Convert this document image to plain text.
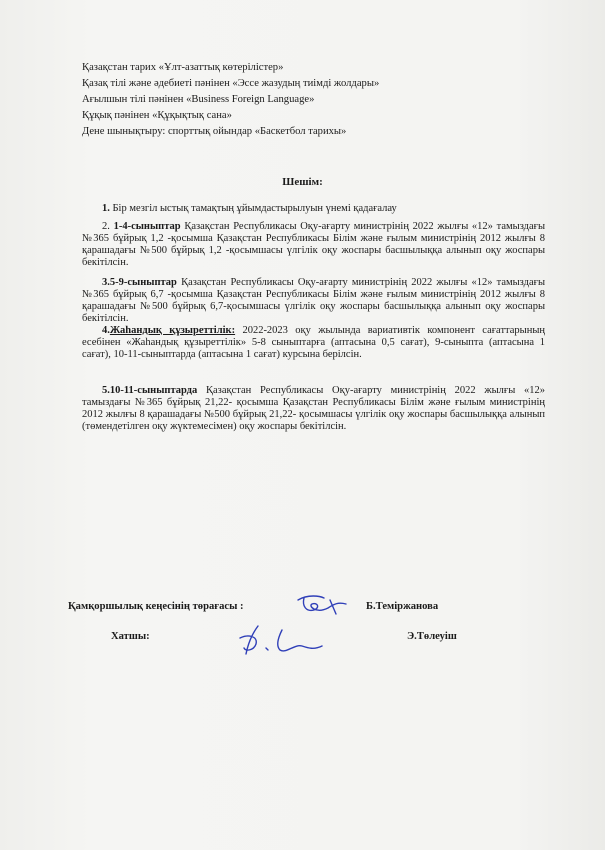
Қазақстан тарих «Ұлт-азаттық көтерілістер»
Қазақ тілі және әдебиеті пәнінен «Эссе жазудың тиімді жолдары»
Ағылшын тілі пәнінен «Business Foreign Language»
Құқық пәнінен «Құқықтық сана»
Дене шынықтыру: спорттық ойындар «Баскетбол тарихы»
Шешім:
1. Бір мезгіл ыстық тамақтың ұйымдастырылуын үнемі қадағалау
2. 1-4-сыныптар Қазақстан Республикасы Оқу-ағарту министрінің 2022 жылғы «12» тамыздағы №365 бұйрық 1,2 -қосымша Қазақстан Республикасы Білім және ғылым министрінің 2012 жылғы 8 қарашадағы №500 бұйрық 1,2 -қосымшасы үлгілік оқу жоспары басшылыққа алынып оқу жоспары бекітілсін.
3.5-9-сыныптар Қазақстан Республикасы Оқу-ағарту министрінің 2022 жылғы «12» тамыздағы №365 бұйрық 6,7 -қосымша Қазақстан Республикасы Білім және ғылым министрінің 2012 жылғы 8 қарашадағы №500 бұйрық 6,7-қосымшасы үлгілік оқу жоспары басшылыққа алынып оқу жоспары бекітілсін.
4.Жаһандық құзыреттілік: 2022-2023 оқу жылында вариативтік компонент сағаттарының есебінен «Жаһандық құзыреттілік» 5-8 сыныптарға (аптасына 0,5 сағат), 9-сыныпта (аптасына 1 сағат), 10-11-сыныптарда (аптасына 1 сағат) курсына берілсін.
5.10-11-сыныптарда Қазақстан Республикасы Оқу-ағарту министрінің 2022 жылғы «12» тамыздағы №365 бұйрық 21,22- қосымша Қазақстан Республикасы Білім және ғылым министрінің 2012 жылғы 8 қарашадағы №500 бұйрық 21,22- қосымшасы үлгілік оқу жоспары басшылыққа алынып (төмендетілген оқу жүктемесімен) оқу жоспары бекітілсін.
Қамқоршылық кеңесінің төрағасы :	Б.Теміржанова
Хатшы:	Э.Төлеуіш
